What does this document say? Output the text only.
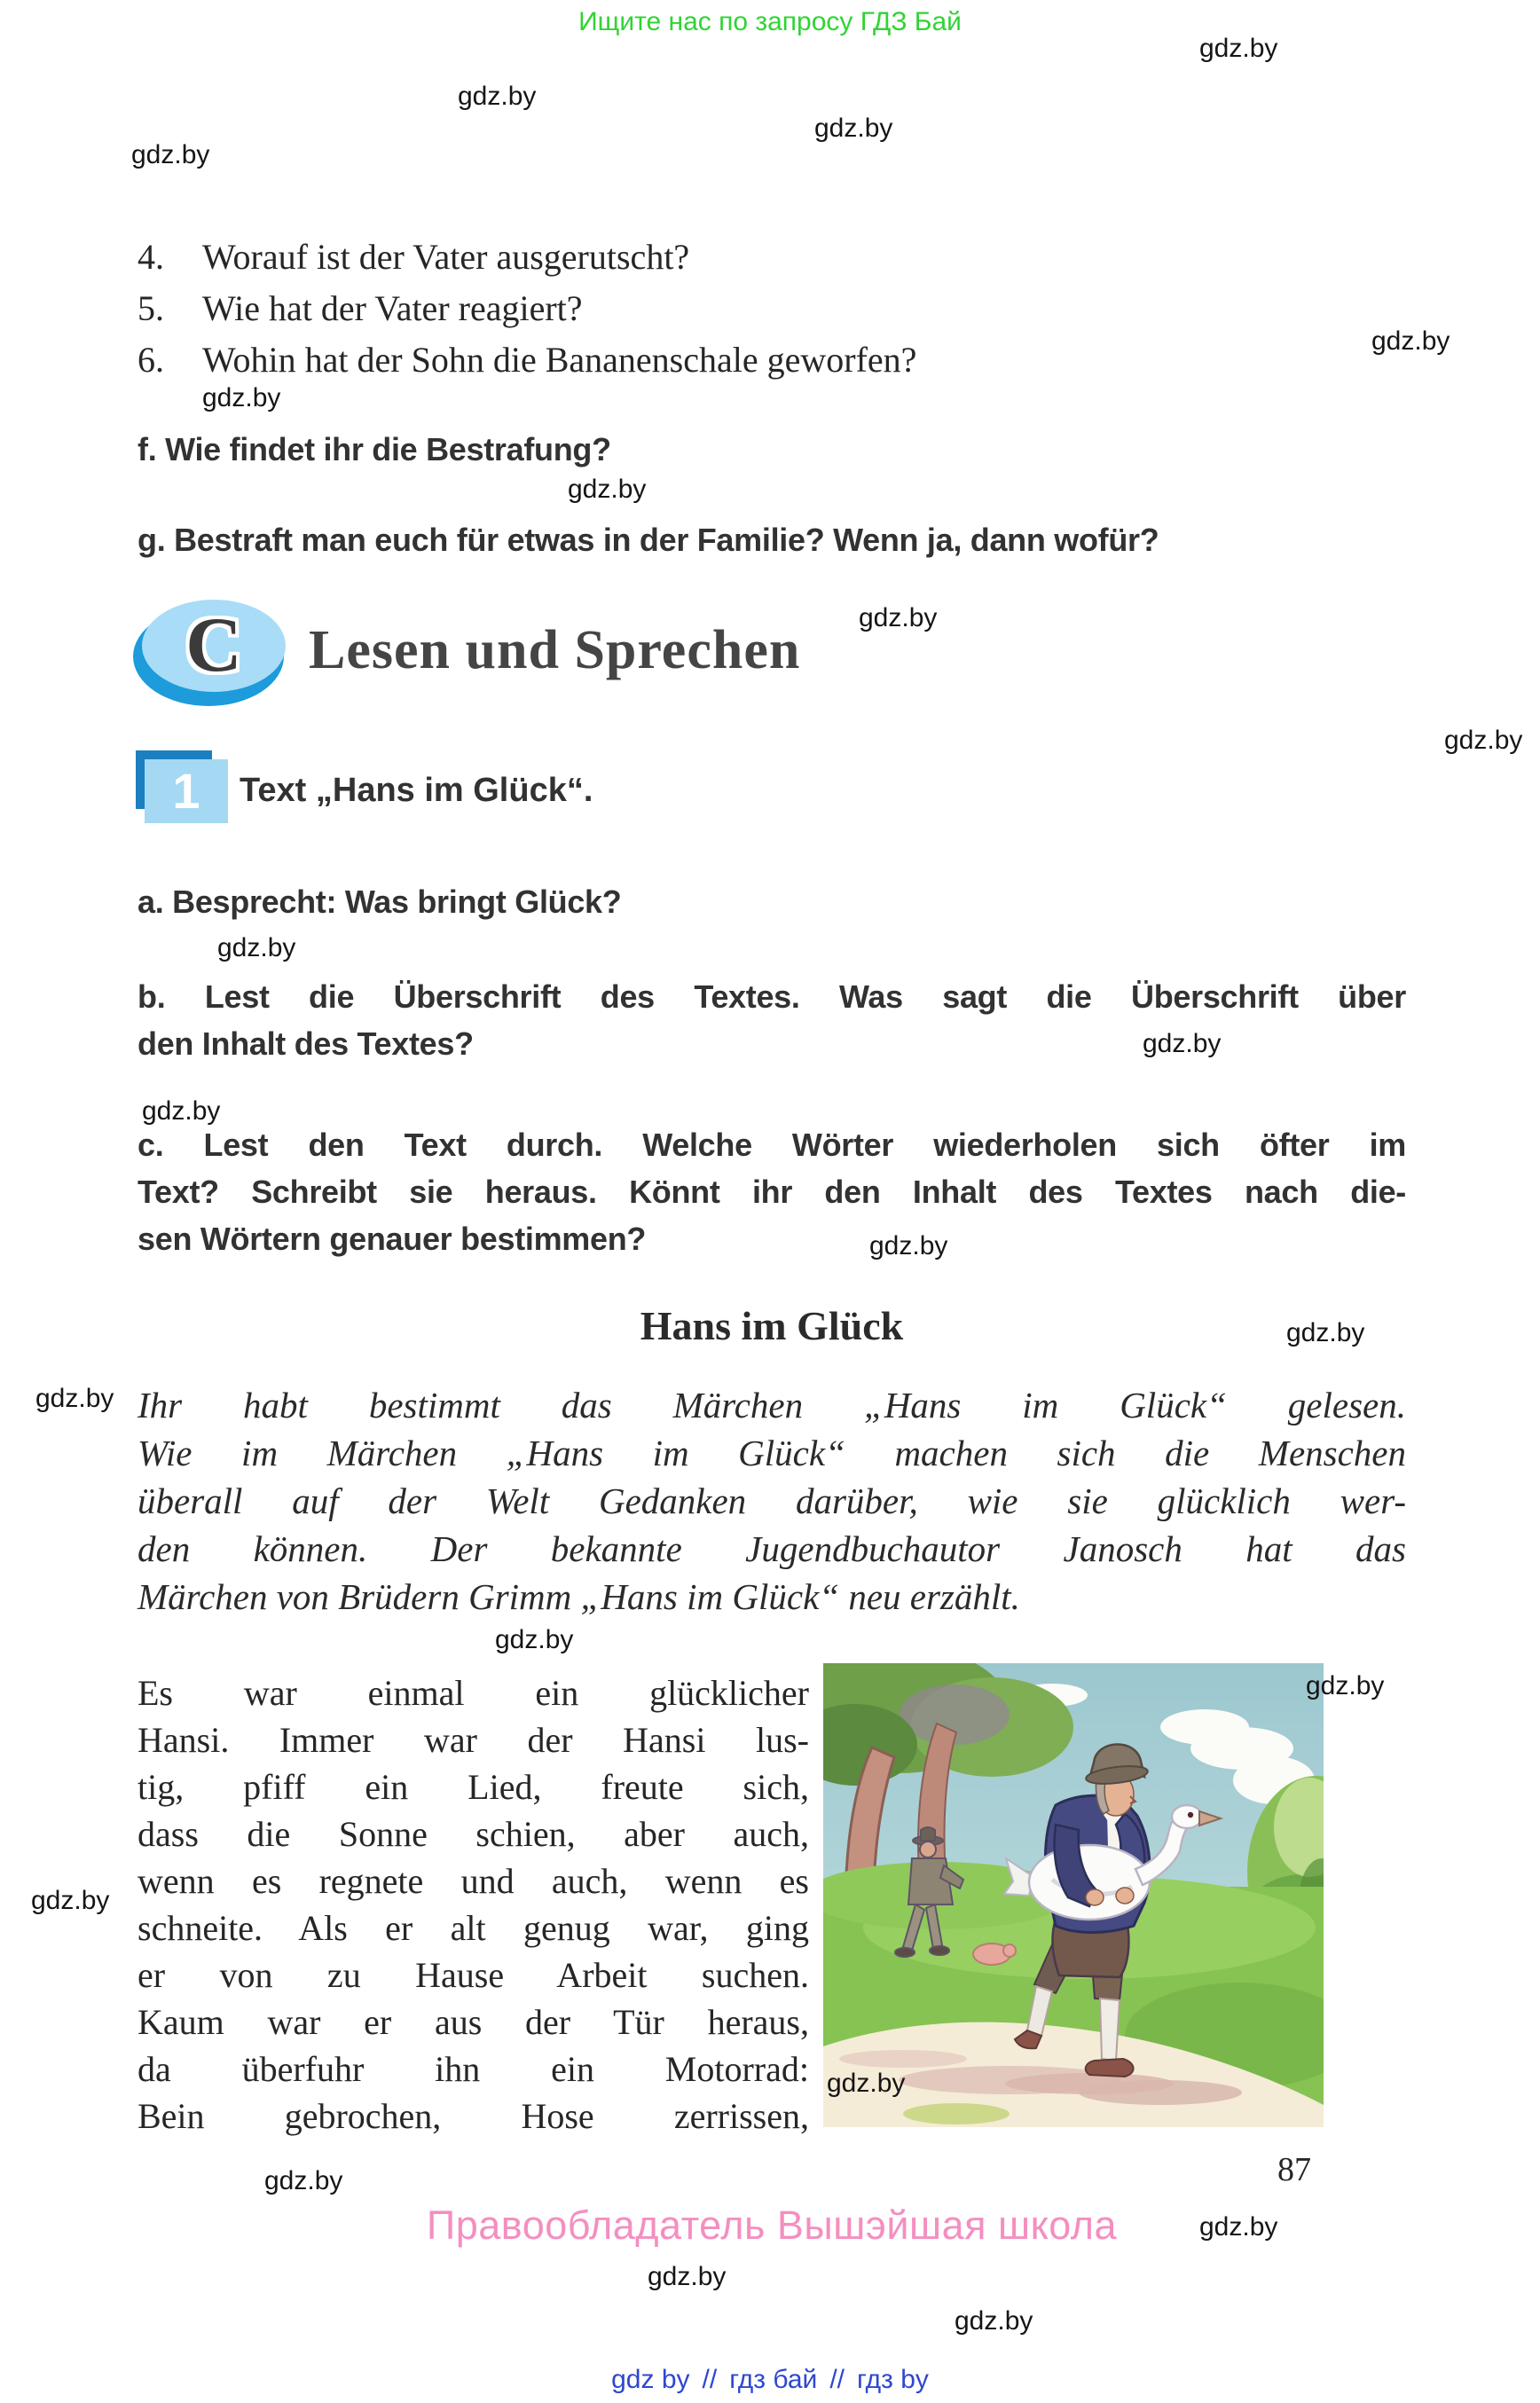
Ищите нас по запросу ГДЗ Бай
gdz.by
gdz.by
gdz.by
gdz.by
gdz.by
gdz.by
gdz.by
gdz.by
gdz.by
gdz.by
gdz.by
gdz.by
gdz.by
gdz.by
gdz.by
gdz.by
gdz.by
gdz.by
gdz.by
gdz.by
gdz.by
gdz.by
gdz.by
4. Worauf ist der Vater ausgerutscht?
5. Wie hat der Vater reagiert?
6. Wohin hat der Sohn die Bananenschale geworfen?
f. Wie findet ihr die Bestrafung?
g. Bestraft man euch für etwas in der Familie? Wenn ja, dann wofür?
C	Lesen und Sprechen
1	Text „Hans im Glück“.
a. Besprecht: Was bringt Glück?
b. Lest die Überschrift des Textes. Was sagt die Überschrift über
den Inhalt des Textes?
c. Lest den Text durch. Welche Wörter wiederholen sich öfter im
Text? Schreibt sie heraus. Könnt ihr den Inhalt des Textes nach die-
sen Wörtern genauer bestimmen?
Hans im Glück
Ihr habt bestimmt das Märchen „Hans im Glück“ gelesen.
Wie im Märchen „Hans im Glück“ machen sich die Menschen
überall auf der Welt Gedanken darüber, wie sie glücklich wer-
den können. Der bekannte Jugendbuchautor Janosch hat das
Märchen von Brüdern Grimm „Hans im Glück“ neu erzählt.
Es war einmal ein glücklicher
Hansi. Immer war der Hansi lus-
tig, pfiff ein Lied, freute sich,
dass die Sonne schien, aber auch,
wenn es regnete und auch, wenn es
schneite. Als er alt genug war, ging
er von zu Hause Arbeit suchen.
Kaum war er aus der Tür heraus,
da überfuhr ihn ein Motorrad:
Bein gebrochen, Hose zerrissen,
87
Правообладатель Вышэйшая школа
gdz by // гдз бай // гдз by
